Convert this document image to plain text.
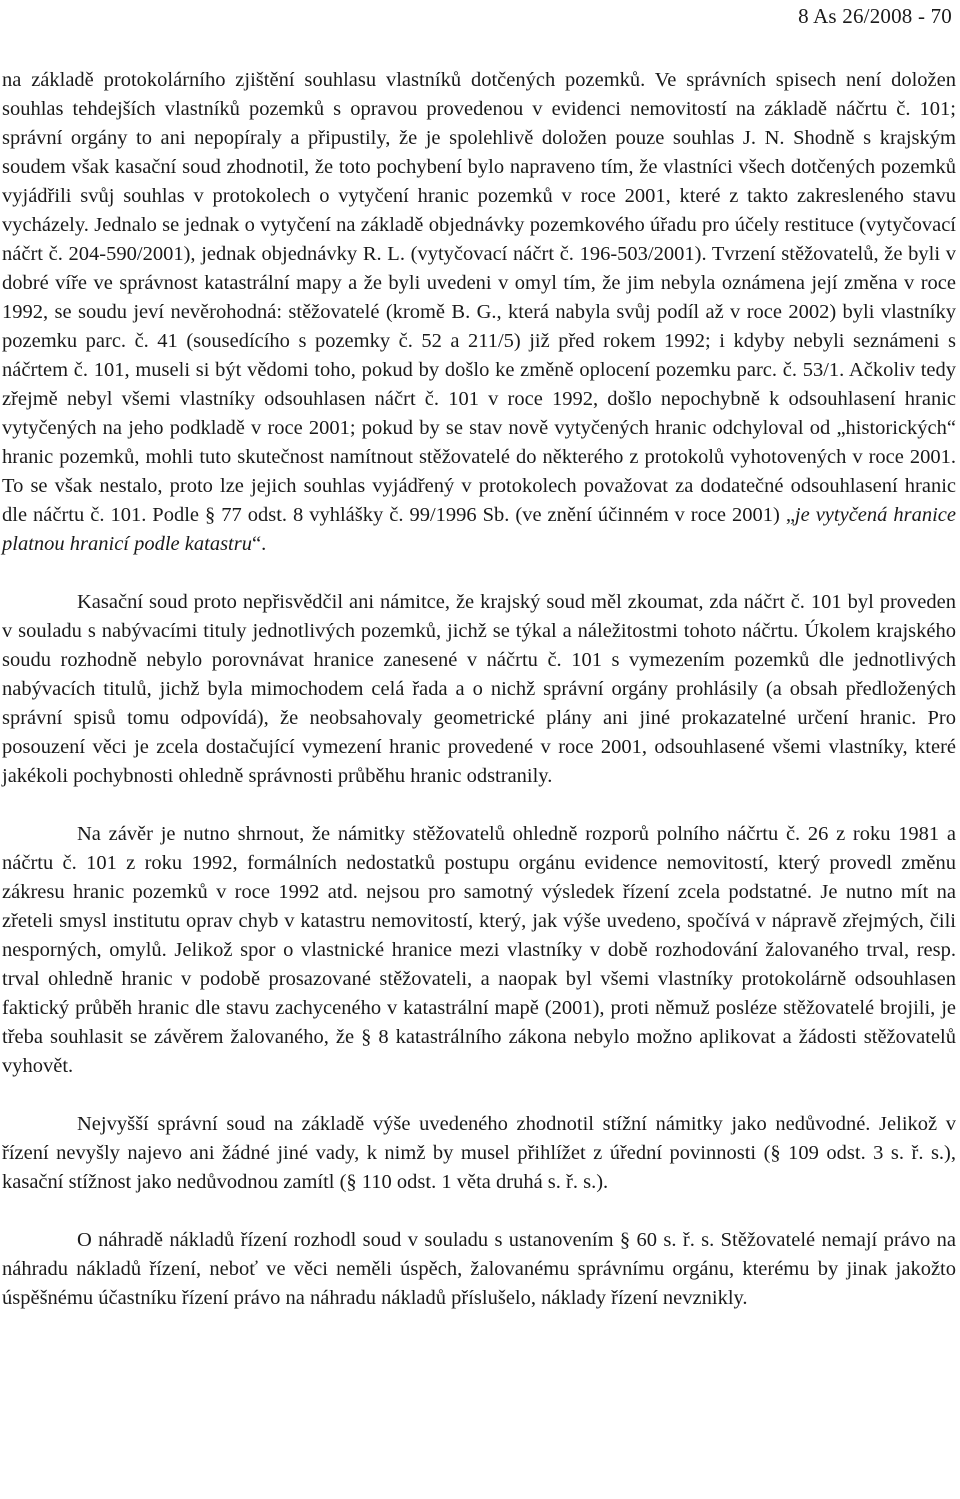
8 As 26/2008 - 70

na základě protokolárního zjištění souhlasu vlastníků dotčených pozemků. Ve správních spisech není doložen souhlas tehdejších vlastníků pozemků s opravou provedenou v evidenci nemovitostí na základě náčrtu č. 101; správní orgány to ani nepopíraly a připustily, že je spolehlivě doložen pouze souhlas J. N. Shodně s krajským soudem však kasační soud zhodnotil, že toto pochybení bylo napraveno tím, že vlastníci všech dotčených pozemků vyjádřili svůj souhlas v protokolech o vytyčení hranic pozemků v roce 2001, které z takto zakresleného stavu vycházely. Jednalo se jednak o vytyčení na základě objednávky pozemkového úřadu pro účely restituce (vytyčovací náčrt č. 204-590/2001), jednak objednávky R. L. (vytyčovací náčrt č. 196-503/2001). Tvrzení stěžovatelů, že byli v dobré víře ve správnost katastrální mapy a že byli uvedeni v omyl tím, že jim nebyla oznámena její změna v roce 1992, se soudu jeví nevěrohodná: stěžovatelé (kromě B. G., která nabyla svůj podíl až v roce 2002) byli vlastníky pozemku parc. č. 41 (sousedícího s pozemky č. 52 a 211/5) již před rokem 1992; i kdyby nebyli seznámeni s náčrtem č. 101, museli si být vědomi toho, pokud by došlo ke změně oplocení pozemku parc. č. 53/1. Ačkoliv tedy zřejmě nebyl všemi vlastníky odsouhlasen náčrt č. 101 v roce 1992, došlo nepochybně k odsouhlasení hranic vytyčených na jeho podkladě v roce 2001; pokud by se stav nově vytyčených hranic odchyloval od „historických“ hranic pozemků, mohli tuto skutečnost namítnout stěžovatelé do některého z protokolů vyhotovených v roce 2001. To se však nestalo, proto lze jejich souhlas vyjádřený v protokolech považovat za dodatečné odsouhlasení hranic dle náčrtu č. 101. Podle § 77 odst. 8 vyhlášky č. 99/1996 Sb. (ve znění účinném v roce 2001) „je vytyčená hranice platnou hranicí podle katastru“.

Kasační soud proto nepřisvědčil ani námitce, že krajský soud měl zkoumat, zda náčrt č. 101 byl proveden v souladu s nabývacími tituly jednotlivých pozemků, jichž se týkal a náležitostmi tohoto náčrtu. Úkolem krajského soudu rozhodně nebylo porovnávat hranice zanesené v náčrtu č. 101 s vymezením pozemků dle jednotlivých nabývacích titulů, jichž byla mimochodem celá řada a o nichž správní orgány prohlásily (a obsah předložených správní spisů tomu odpovídá), že neobsahovaly geometrické plány ani jiné prokazatelné určení hranic. Pro posouzení věci je zcela dostačující vymezení hranic provedené v roce 2001, odsouhlasené všemi vlastníky, které jakékoli pochybnosti ohledně správnosti průběhu hranic odstranily.

Na závěr je nutno shrnout, že námitky stěžovatelů ohledně rozporů polního náčrtu č. 26 z roku 1981 a náčrtu č. 101 z roku 1992, formálních nedostatků postupu orgánu evidence nemovitostí, který provedl změnu zákresu hranic pozemků v roce 1992 atd. nejsou pro samotný výsledek řízení zcela podstatné. Je nutno mít na zřeteli smysl institutu oprav chyb v katastru nemovitostí, který, jak výše uvedeno, spočívá v nápravě zřejmých, čili nesporných, omylů. Jelikož spor o vlastnické hranice mezi vlastníky v době rozhodování žalovaného trval, resp. trval ohledně hranic v podobě prosazované stěžovateli, a naopak byl všemi vlastníky protokolárně odsouhlasen faktický průběh hranic dle stavu zachyceného v katastrální mapě (2001), proti němuž posléze stěžovatelé brojili, je třeba souhlasit se závěrem žalovaného, že § 8 katastrálního zákona nebylo možno aplikovat a žádosti stěžovatelů vyhovět.

Nejvyšší správní soud na základě výše uvedeného zhodnotil stížní námitky jako nedůvodné. Jelikož v řízení nevyšly najevo ani žádné jiné vady, k nimž by musel přihlížet z úřední povinnosti (§ 109 odst. 3 s. ř. s.), kasační stížnost jako nedůvodnou zamítl (§ 110 odst. 1 věta druhá s. ř. s.).

O náhradě nákladů řízení rozhodl soud v souladu s ustanovením § 60 s. ř. s. Stěžovatelé nemají právo na náhradu nákladů řízení, neboť ve věci neměli úspěch, žalovanému správnímu orgánu, kterému by jinak jakožto úspěšnému účastníku řízení právo na náhradu nákladů příslušelo, náklady řízení nevznikly.
